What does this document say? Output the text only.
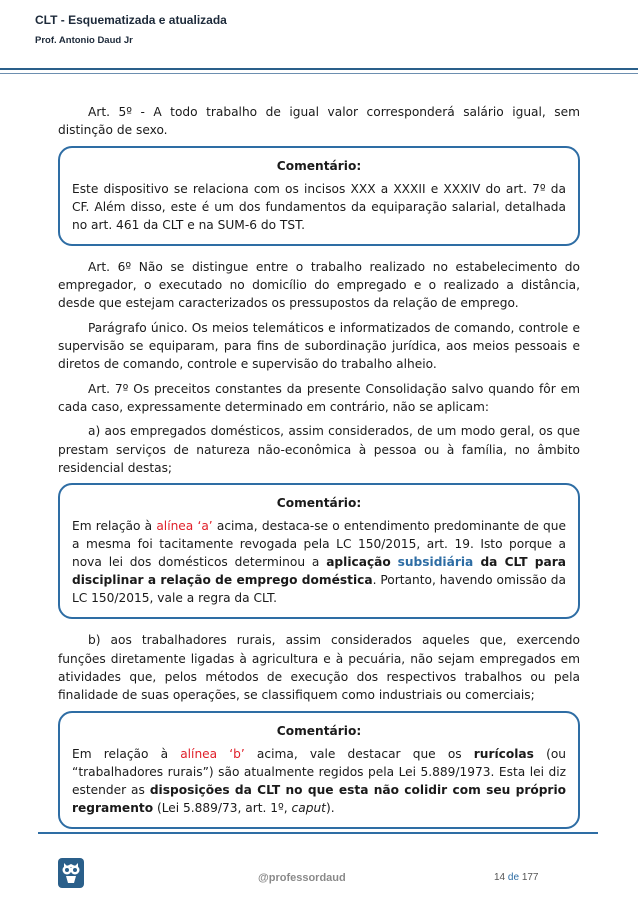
CLT - Esquematizada e atualizada
Prof. Antonio Daud Jr

Art. 5º - A todo trabalho de igual valor corresponderá salário igual, sem distinção de sexo.

Comentário:

Este dispositivo se relaciona com os incisos XXX a XXXII e XXXIV do art. 7º da CF. Além disso, este é um dos fundamentos da equiparação salarial, detalhada no art. 461 da CLT e na SUM-6 do TST.

Art. 6º Não se distingue entre o trabalho realizado no estabelecimento do empregador, o executado no domicílio do empregado e o realizado a distância, desde que estejam caracterizados os pressupostos da relação de emprego.

Parágrafo único. Os meios telemáticos e informatizados de comando, controle e supervisão se equiparam, para fins de subordinação jurídica, aos meios pessoais e diretos de comando, controle e supervisão do trabalho alheio.

Art. 7º Os preceitos constantes da presente Consolidação salvo quando fôr em cada caso, expressamente determinado em contrário, não se aplicam:

a) aos empregados domésticos, assim considerados, de um modo geral, os que prestam serviços de natureza não-econômica à pessoa ou à família, no âmbito residencial destas;

Comentário:

Em relação à alínea ‘a’ acima, destaca-se o entendimento predominante de que a mesma foi tacitamente revogada pela LC 150/2015, art. 19. Isto porque a nova lei dos domésticos determinou a aplicação subsidiária da CLT para disciplinar a relação de emprego doméstica. Portanto, havendo omissão da LC 150/2015, vale a regra da CLT.

b) aos trabalhadores rurais, assim considerados aqueles que, exercendo funções diretamente ligadas à agricultura e à pecuária, não sejam empregados em atividades que, pelos métodos de execução dos respectivos trabalhos ou pela finalidade de suas operações, se classifiquem como industriais ou comerciais;

Comentário:

Em relação à alínea ‘b’ acima, vale destacar que os rurícolas (ou “trabalhadores rurais”) são atualmente regidos pela Lei 5.889/1973. Esta lei diz estender as disposições da CLT no que esta não colidir com seu próprio regramento (Lei 5.889/73, art. 1º, caput).

@professordaud	14 de 177
